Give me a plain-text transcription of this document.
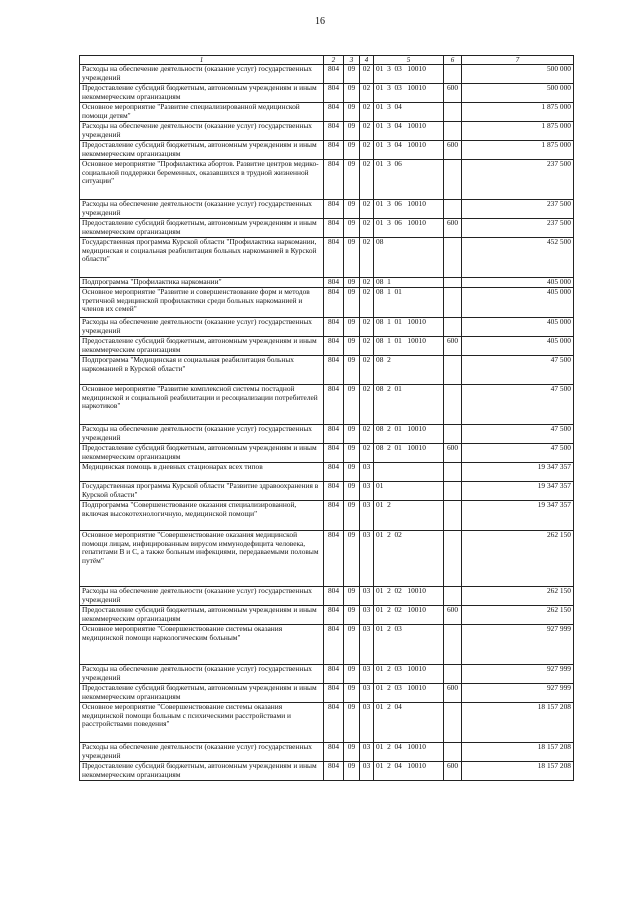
16
1	2	3	4	5	6	7
Расходы на обеспечение деятельности (оказание услуг) государственных учреждений	804	09	02	01  3  03   10010		500 000
Предоставление субсидий бюджетным, автономным учреждениям и иным некоммерческим организациям	804	09	02	01  3  03   10010	600	500 000
Основное мероприятие "Развитие специализированной медицинской помощи детям"	804	09	02	01  3  04		1 875 000
Расходы на обеспечение деятельности (оказание услуг) государственных учреждений	804	09	02	01  3  04   10010		1 875 000
Предоставление субсидий бюджетным, автономным учреждениям и иным некоммерческим организациям	804	09	02	01  3  04   10010	600	1 875 000
Основное мероприятие "Профилактика абортов. Развитие центров медико-социальной поддержки беременных, оказавшихся в трудной жизненной ситуации"	804	09	02	01  3  06		237 500
Расходы на обеспечение деятельности (оказание услуг) государственных учреждений	804	09	02	01  3  06   10010		237 500
Предоставление субсидий бюджетным, автономным учреждениям и иным некоммерческим организациям	804	09	02	01  3  06   10010	600	237 500
Государственная программа Курской области "Профилактика наркомании, медицинская и социальная реабилитация больных наркоманией в Курской области"	804	09	02	08		452 500
Подпрограмма "Профилактика наркомании"	804	09	02	08  1		405 000
Основное мероприятие "Развитие и совершенствование форм и методов третичной медицинской профилактики среди больных наркоманией и членов их семей"	804	09	02	08  1  01		405 000
Расходы на обеспечение деятельности (оказание услуг) государственных учреждений	804	09	02	08  1  01   10010		405 000
Предоставление субсидий бюджетным, автономным учреждениям и иным некоммерческим организациям	804	09	02	08  1  01   10010	600	405 000
Подпрограмма "Медицинская и социальная реабилитация больных наркоманией в Курской области"	804	09	02	08  2		47 500
Основное мероприятие "Развитие комплексной системы постадной медицинской и социальной реабилитации и ресоциализации потребителей наркотиков"	804	09	02	08  2  01		47 500
Расходы на обеспечение деятельности (оказание услуг) государственных учреждений	804	09	02	08  2  01   10010		47 500
Предоставление субсидий бюджетным, автономным учреждениям и иным некоммерческим организациям	804	09	02	08  2  01   10010	600	47 500
Медицинская помощь в дневных стационарах всех типов	804	09	03			19 347 357
Государственная программа Курской области "Развитие здравоохранения в Курской области"	804	09	03	01		19 347 357
Подпрограмма "Совершенствование оказания специализированной, включая высокотехнологичную, медицинской помощи"	804	09	03	01  2		19 347 357
Основное мероприятие "Совершенствование оказания медицинской помощи лицам, инфицированным вирусом иммунодефицита человека, гепатитами В и С, а также больным инфекциями, передаваемыми половым путём"	804	09	03	01  2  02		262 150
Расходы на обеспечение деятельности (оказание услуг) государственных учреждений	804	09	03	01  2  02   10010		262 150
Предоставление субсидий бюджетным, автономным учреждениям и иным некоммерческим организациям	804	09	03	01  2  02   10010	600	262 150
Основное мероприятие "Совершенствование системы оказания медицинской помощи наркологическим больным"	804	09	03	01  2  03		927 999
Расходы на обеспечение деятельности (оказание услуг) государственных учреждений	804	09	03	01  2  03   10010		927 999
Предоставление субсидий бюджетным, автономным учреждениям и иным некоммерческим организациям	804	09	03	01  2  03   10010	600	927 999
Основное мероприятие "Совершенствование системы оказания медицинской помощи больным с психическими расстройствами и расстройствами поведения"	804	09	03	01  2  04		18 157 208
Расходы на обеспечение деятельности (оказание услуг) государственных учреждений	804	09	03	01  2  04   10010		18 157 208
Предоставление субсидий бюджетным, автономным учреждениям и иным некоммерческим организациям	804	09	03	01  2  04   10010	600	18 157 208
